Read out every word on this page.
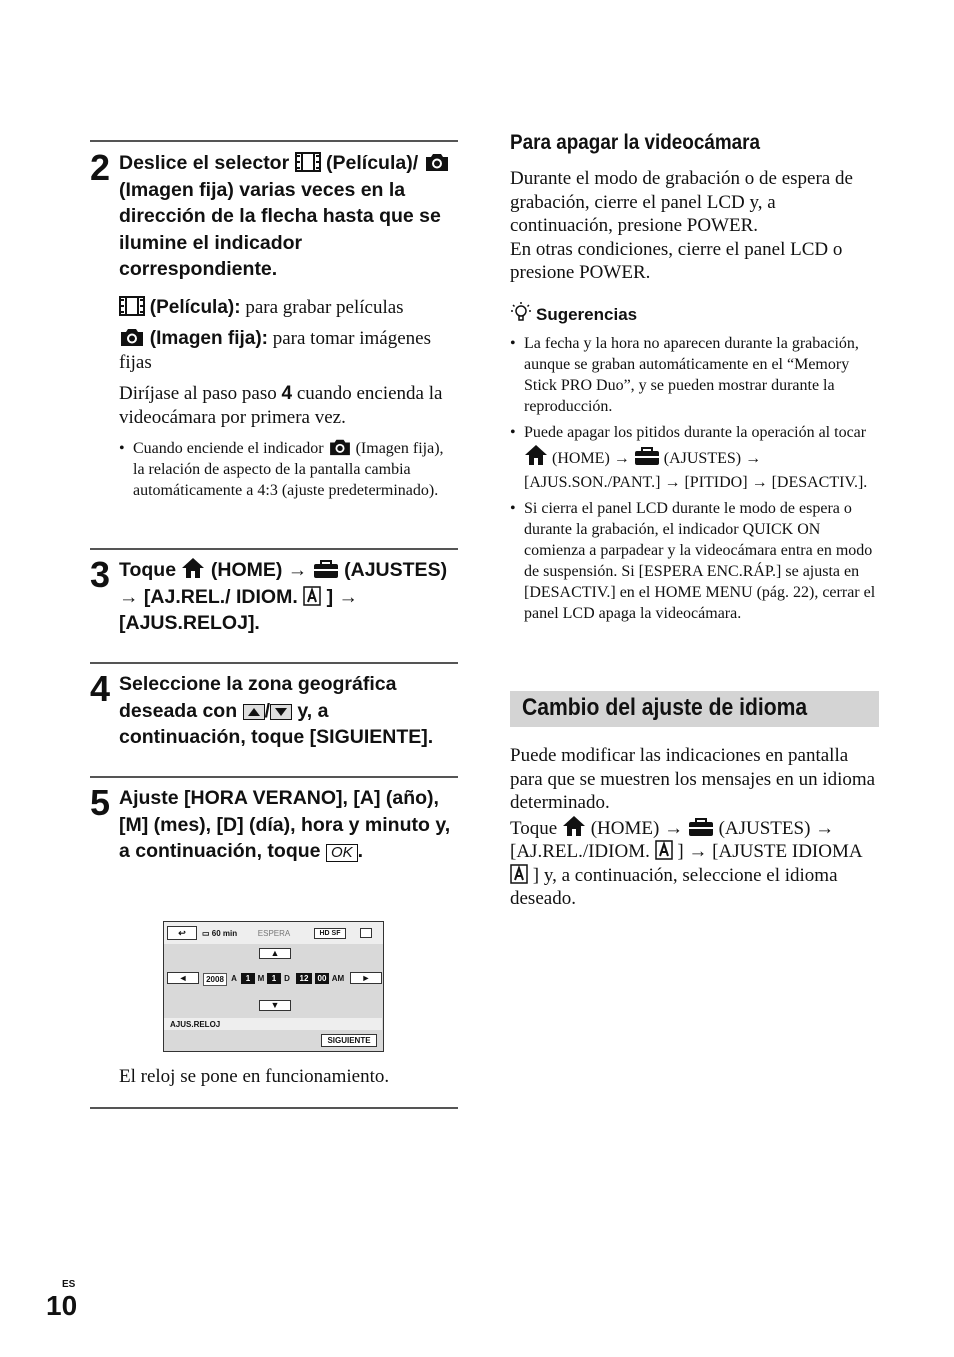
2 Deslice el selector (Película)/  (Imagen fija) varias veces en la dirección de la flecha hasta que se ilumine el indicador correspondiente.
(Película): para grabar películas
(Imagen fija): para tomar imágenes fijas
Diríjase al paso paso 4 cuando encienda la videocámara por primera vez.
• Cuando enciende el indicador (Imagen fija), la relación de aspecto de la pantalla cambia automáticamente a 4:3 (ajuste predeterminado).
3 Toque (HOME) → (AJUSTES) → [AJ.REL./ IDIOM. ] → [AJUS.RELOJ].
4 Seleccione la zona geográfica deseada con / y, a continuación, toque [SIGUIENTE].
5 Ajuste [HORA VERANO], [A] (año), [M] (mes), [D] (día), hora y minuto y, a continuación, toque OK .
↩	▭ 60 min	ESPERA	HD SF
▲
◄	►
2008 A	1 M 1 D	12	00 AM
▼
AJUS.RELOJ
SIGUIENTE
El reloj se pone en funcionamiento.
Para apagar la videocámara
Durante el modo de grabación o de espera de grabación, cierre el panel LCD y, a continuación, presione POWER.
En otras condiciones, cierre el panel LCD o presione POWER.
Sugerencias
• La fecha y la hora no aparecen durante la grabación, aunque se graban automáticamente en el “Memory Stick PRO Duo”, y se pueden mostrar durante la reproducción.
• Puede apagar los pitidos durante la operación al tocar  (HOME) → (AJUSTES) → [AJUS.SON./PANT.] → [PITIDO] → [DESACTIV.].
• Si cierra el panel LCD durante le modo de espera o durante la grabación, el indicador QUICK ON comienza a parpadear y la videocámara entra en modo de suspensión. Si [ESPERA ENC.RÁP.] se ajusta en [DESACTIV.] en el HOME MENU (pág. 22), cerrar el panel LCD apaga la videocámara.
Cambio del ajuste de idioma
Puede modificar las indicaciones en pantalla para que se muestren los mensajes en un idioma determinado.
Toque (HOME) → (AJUSTES) → [AJ.REL./IDIOM. ] → [AJUSTE IDIOMA  ] y, a continuación, seleccione el idioma deseado.
ES
10
